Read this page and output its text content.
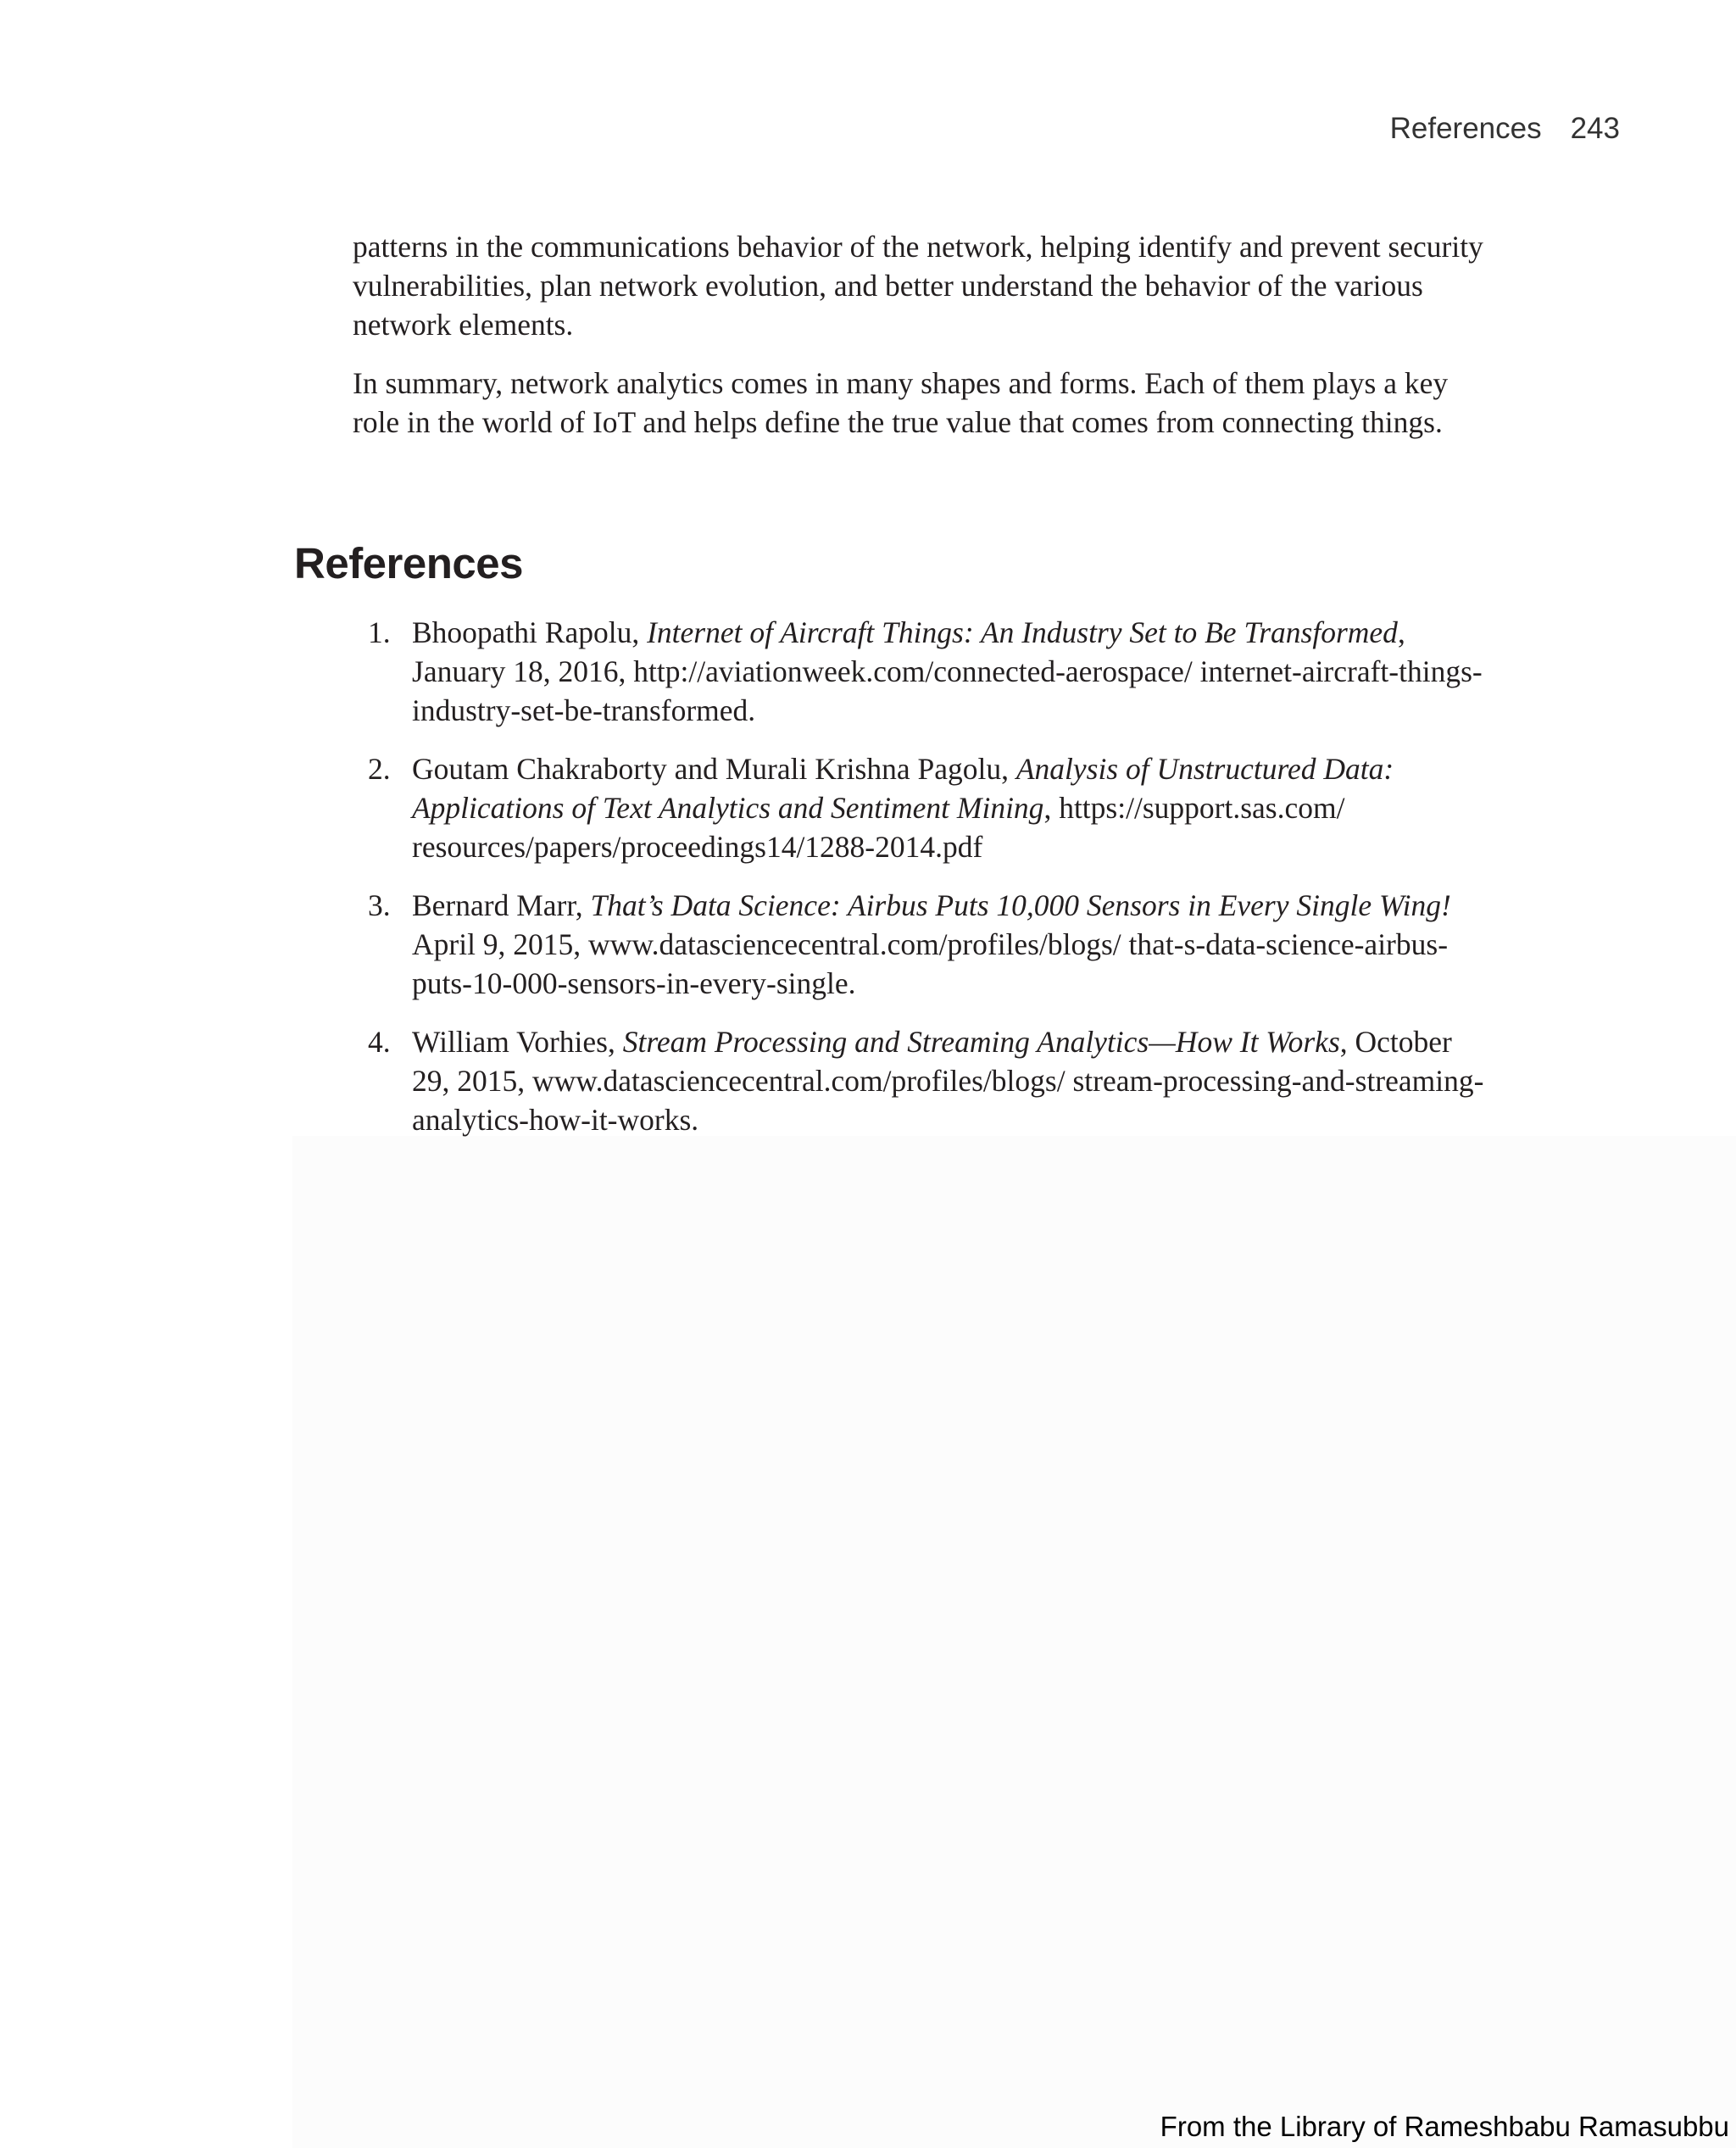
References 243

patterns in the communications behavior of the network, helping identify and prevent security vulnerabilities, plan network evolution, and better understand the behavior of the various network elements.

In summary, network analytics comes in many shapes and forms. Each of them plays a key role in the world of IoT and helps define the true value that comes from connecting things.

References
1. Bhoopathi Rapolu, Internet of Aircraft Things: An Industry Set to Be Transformed, January 18, 2016, http://aviationweek.com/connected-aerospace/ internet-aircraft-things-industry-set-be-transformed.
2. Goutam Chakraborty and Murali Krishna Pagolu, Analysis of Unstructured Data: Applications of Text Analytics and Sentiment Mining, https://support.sas.com/ resources/papers/proceedings14/1288-2014.pdf
3. Bernard Marr, That’s Data Science: Airbus Puts 10,000 Sensors in Every Single Wing! April 9, 2015, www.datasciencecentral.com/profiles/blogs/ that-s-data-science-airbus-puts-10-000-sensors-in-every-single.
4. William Vorhies, Stream Processing and Streaming Analytics—How It Works, October 29, 2015, www.datasciencecentral.com/profiles/blogs/ stream-processing-and-streaming-analytics-how-it-works.
From the Library of Rameshbabu Ramasubbu
